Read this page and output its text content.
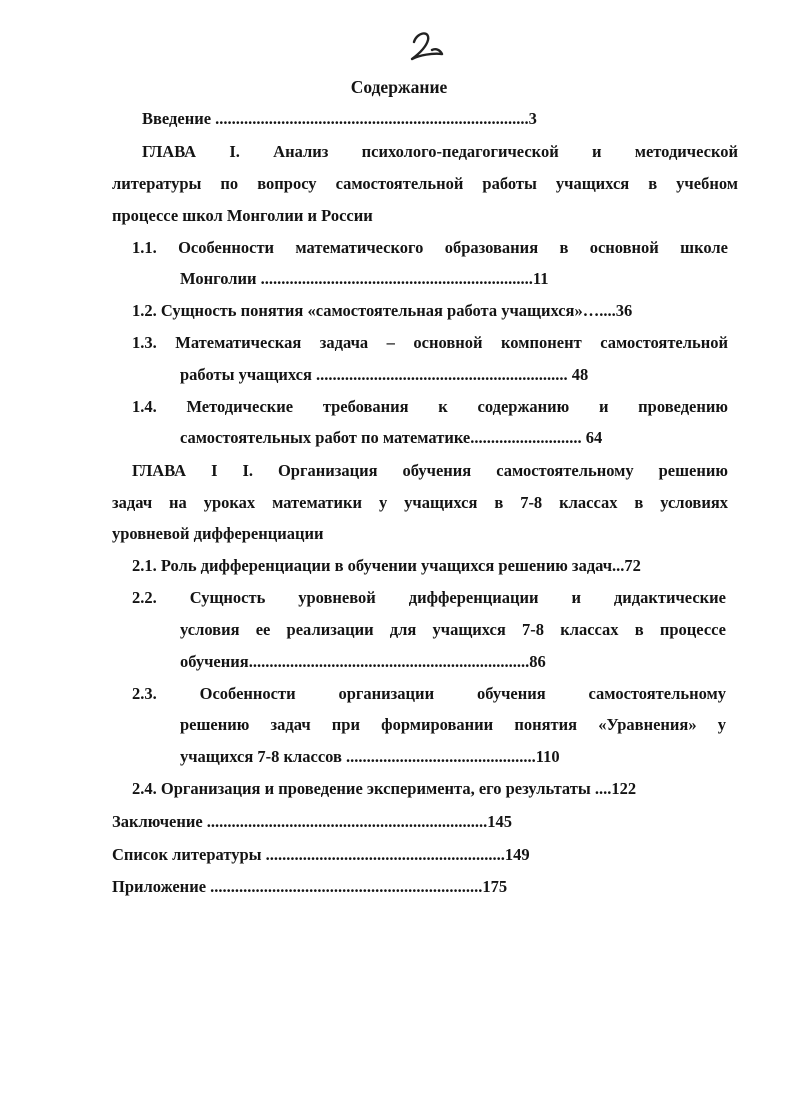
Содержание
Введение ............................................................................3
ГЛАВА I. Анализ психолого-педагогической и методической
литературы по вопросу самостоятельной работы учащихся в учебном
процессе школ Монголии и России
1.1. Особенности математического образования в основной школе
Монголии ..................................................................11
1.2. Сущность понятия «самостоятельная работа учащихся»…....36
1.3. Математическая задача – основной компонент самостоятельной
работы учащихся ............................................................. 48
1.4. Методические требования к содержанию и проведению
самостоятельных работ по математике........................... 64
ГЛАВА I I. Организация обучения самостоятельному решению
задач на уроках математики у учащихся в 7-8 классах в условиях
уровневой дифференциации
2.1. Роль дифференциации в обучении учащихся решению задач...72
2.2. Сущность уровневой дифференциации и дидактические
условия ее реализации для учащихся 7-8 классах в процессе
обучения....................................................................86
2.3. Особенности организации обучения самостоятельному
решению задач при формировании понятия «Уравнения» у
учащихся 7-8 классов ..............................................110
2.4. Организация и проведение эксперимента, его результаты ....122
Заключение ....................................................................145
Список литературы ..........................................................149
Приложение ..................................................................175
